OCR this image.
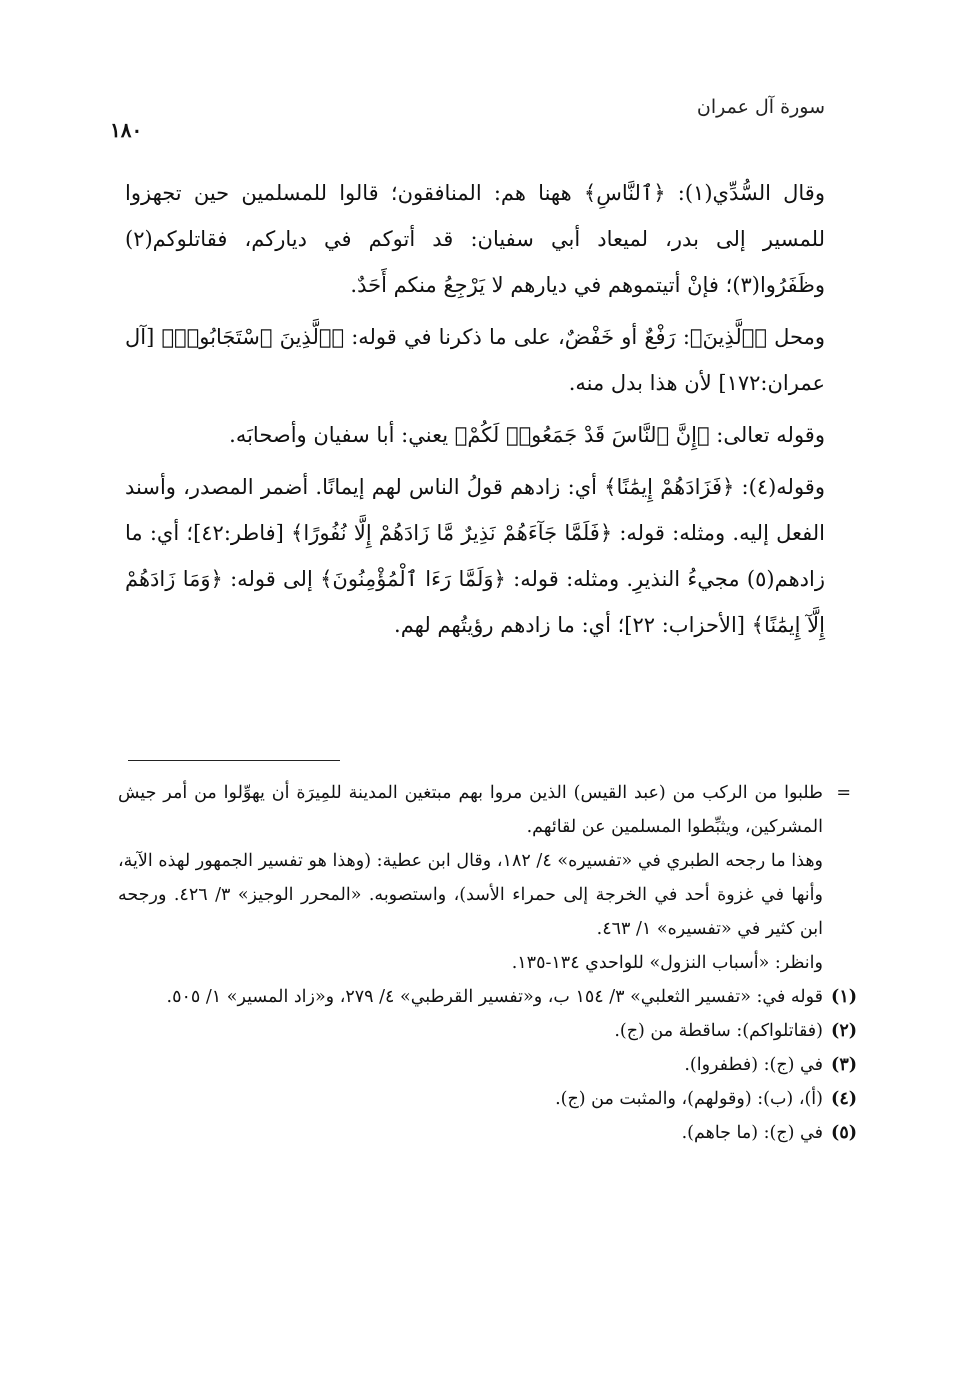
سورة آل عمران
١٨٠

وقال السُّدِّي(١): ﴿ٱلنَّاسِ﴾ ههنا هم: المنافقون؛ قالوا للمسلمين حين تجهزوا للمسير إلى بدر، لميعاد أبي سفيان: قد أتوكم في دياركم، فقاتلوكم(٢) وظَفَرُوا(٣)؛ فإنْ أتيتموهم في ديارهم لا يَرْجِعُ منكم أَحَدٌ.

ومحل ﴿ٱلَّذِينَ﴾: رَفْعٌ أو خَفْضٌ، على ما ذكرنا في قوله: ﴿ٱلَّذِينَ ٱسْتَجَابُوا۟﴾ [آل عمران:١٧٢] لأن هذا بدل منه.

وقوله تعالى: ﴿إِنَّ ٱلنَّاسَ قَدْ جَمَعُوا۟ لَكُمْ﴾ يعني: أبا سفيان وأصحابَه.

وقوله(٤): ﴿فَزَادَهُمْ إِيمَٰنًا﴾ أي: زادهم قولُ الناس لهم إيمانًا. أضمر المصدر، وأسند الفعل إليه. ومثله: قوله: ﴿فَلَمَّا جَآءَهُمْ نَذِيرٌ مَّا زَادَهُمْ إِلَّا نُفُورًا﴾ [فاطر:٤٢]؛ أي: ما زادهم(٥) مجيءُ النذيرِ. ومثله: قوله: ﴿وَلَمَّا رَءَا ٱلْمُؤْمِنُونَ﴾ إلى قوله: ﴿وَمَا زَادَهُمْ إِلَّآ إِيمَٰنًا﴾ [الأحزاب: ٢٢]؛ أي: ما زادهم رؤيتُهم لهم.

=
طلبوا من الركب من (عبد القيس) الذين مروا بهم مبتغين المدينة للمِيرَة أن يهوِّلوا من أمر جيش المشركين، ويثبِّطوا المسلمين عن لقائهم.
وهذا ما رجحه الطبري في «تفسيره» ٤/ ١٨٢، وقال ابن عطية: (وهذا هو تفسير الجمهور لهذه الآية، وأنها في غزوة أحد في الخرجة إلى حمراء الأسد)، واستصوبه. «المحرر الوجيز» ٣/ ٤٢٦. ورجحه ابن كثير في «تفسيره» ١/ ٤٦٣.
وانظر: «أسباب النزول» للواحدي ١٣٤-١٣٥.
(١)
قوله في: «تفسير الثعلبي» ٣/ ١٥٤ ب، و«تفسير القرطبي» ٤/ ٢٧٩، و«زاد المسير» ١/ ٥٠٥.
(٢)
(فقاتلواكم): ساقطة من (ج).
(٣)
في (ج): (فطفروا).
(٤)
(أ)، (ب): (وقولهم)، والمثبت من (ج).
(٥)
في (ج): (ما جاهم).
